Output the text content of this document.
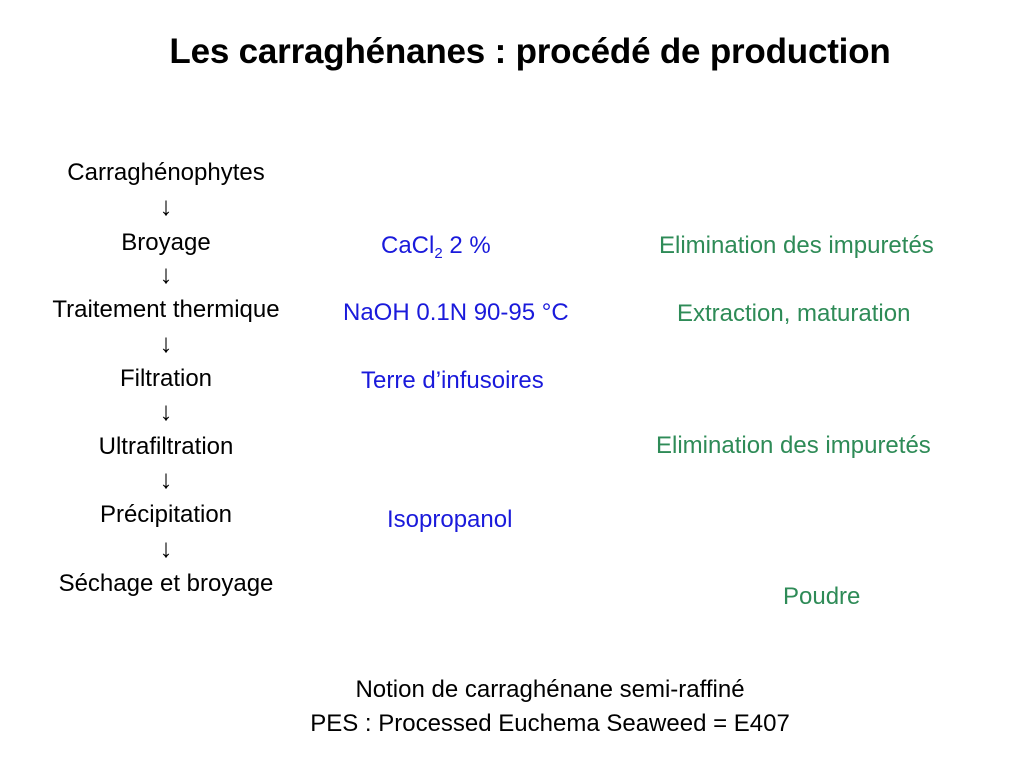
Les carraghénanes : procédé de production
Carraghénophytes
↓
Broyage
↓
Traitement thermique
↓
Filtration
↓
Ultrafiltration
↓
Précipitation
↓
Séchage et broyage
CaCl$_2$ 2 %
NaOH 0.1N 90-95 °C
Terre d’infusoires
Isopropanol
Elimination des impuretés
Extraction, maturation
Elimination des impuretés
Poudre
Notion de carraghénane semi-raffiné
PES : Processed Euchema Seaweed = E407
